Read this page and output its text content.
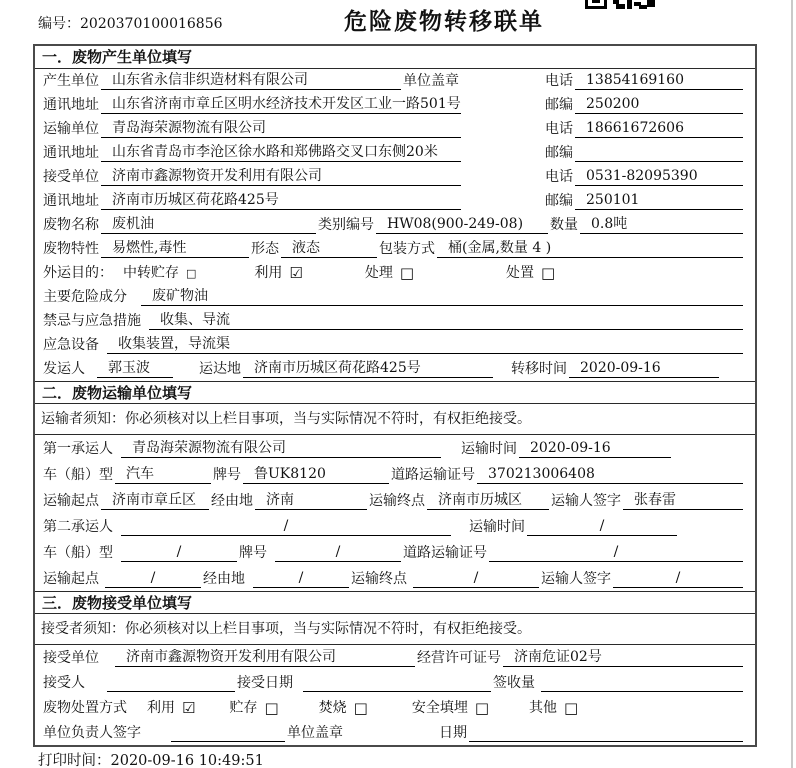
编号：2020370100016856	危险废物转移联单
一．废物产生单位填写
产生单位 山东省永信非织造材料有限公司	单位盖章	电话 13854169160
通讯地址 山东省济南市章丘区明水经济技术开发区工业一路501号	邮编 250200
运输单位 青岛海荣源物流有限公司	电话 18661672606
通讯地址 山东省青岛市李沧区徐水路和郑佛路交叉口东侧20米	邮编
接受单位 济南市鑫源物资开发利用有限公司	电话 0531-82095390
通讯地址 济南市历城区荷花路425号	邮编 250101
废物名称 废机油	类别编号 HW08(900-249-08)	数量 0.8吨
废物特性 易燃性,毒性	形态 液态	包装方式 桶(金属,数量 4 )
外运目的： 中转贮存 □	利用 ☑	处理 □	处置 □
主要危险成分	废矿物油
禁忌与应急措施	收集、导流
应急设备	收集装置，导流渠
发运人	郭玉波	运达地 济南市历城区荷花路425号	转移时间 2020-09-16
二．废物运输单位填写
运输者须知：你必须核对以上栏目事项，当与实际情况不符时，有权拒绝接受。
第一承运人	青岛海荣源物流有限公司	运输时间 2020-09-16
车（船）型 汽车	牌号 鲁UK8120	道路运输证号 370213006408
运输起点 济南市章丘区	经由地 济南	运输终点 济南市历城区	运输人签字 张春雷
第二承运人	/	运输时间	/
车（船）型	/	牌号	/	道路运输证号	/
运输起点	/	经由地	/	运输终点	/	运输人签字	/
三．废物接受单位填写
接受者须知：你必须核对以上栏目事项，当与实际情况不符时，有权拒绝接受。
接受单位	济南市鑫源物资开发利用有限公司	经营许可证号 济南危证02号
接受人	接受日期	签收量
废物处置方式 利用 ☑ 贮存 □	焚烧 □	安全填埋 □	其他 □
单位负责人签字	单位盖章	日期
打印时间：2020-09-16 10:49:51
